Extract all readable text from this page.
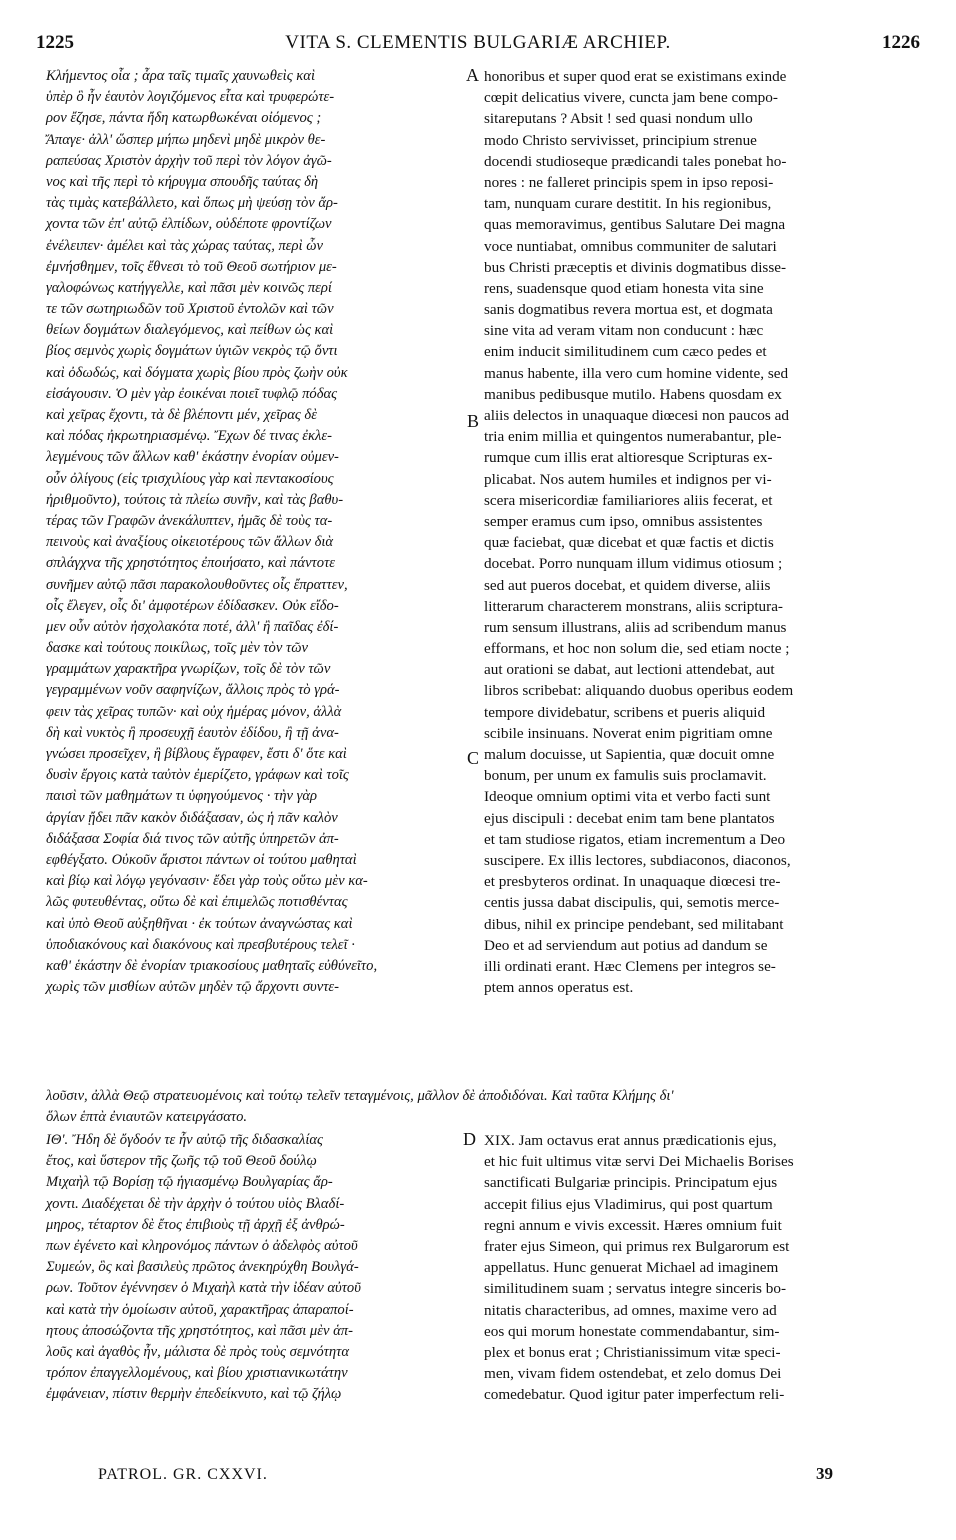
1225	VITA S. CLEMENTIS BULGARIÆ ARCHIEP.	1226
Κλήμεντος οἷα ; ἆρα ταῖς τιμαῖς χαυνωθεὶς καὶ
ὑπὲρ ὃ ἦν ἑαυτὸν λογιζόμενος εἶτα καὶ τρυφερώτε-
ρον ἔζησε, πάντα ἤδη κατωρθωκέναι οἰόμενος ;
Ἄπαγε· ἀλλ' ὥσπερ μήπω μηδενὶ μηδὲ μικρὸν θε-
ραπεύσας Χριστὸν ἀρχὴν τοῦ περὶ τὸν λόγον ἀγῶ-
νος καὶ τῆς περὶ τὸ κήρυγμα σπουδῆς ταύτας δὴ
τὰς τιμὰς κατεβάλλετο, καὶ ὅπως μὴ ψεύσῃ τὸν ἄρ-
χοντα τῶν ἐπ' αὐτῷ ἐλπίδων, οὐδέποτε φροντίζων
ἐνέλειπεν· ἀμέλει καὶ τὰς χώρας ταύτας, περὶ ὧν
ἐμνήσθημεν, τοῖς ἔθνεσι τὸ τοῦ Θεοῦ σωτήριον με-
γαλοφώνως κατήγγελλε, καὶ πᾶσι μὲν κοινῶς περί
τε τῶν σωτηριωδῶν τοῦ Χριστοῦ ἐντολῶν καὶ τῶν
θείων δογμάτων διαλεγόμενος, καὶ πείθων ὡς καὶ
βίος σεμνὸς χωρὶς δογμάτων ὑγιῶν νεκρὸς τῷ ὄντι
καὶ ὀδωδώς, καὶ δόγματα χωρὶς βίου πρὸς ζωὴν οὐκ
εἰσάγουσιν. Ὁ μὲν γὰρ ἐοικέναι ποιεῖ τυφλῷ πόδας
καὶ χεῖρας ἔχοντι, τὰ δὲ βλέποντι μέν, χεῖρας δὲ
καὶ πόδας ἠκρωτηριασμένῳ. Ἔχων δέ τινας ἐκλε-
λεγμένους τῶν ἄλλων καθ' ἑκάστην ἐνορίαν οὐμεν-
οὖν ὀλίγους (εἰς τρισχιλίους γὰρ καὶ πεντακοσίους
ἠριθμοῦντο), τούτοις τὰ πλείω συνῆν, καὶ τὰς βαθυ-
τέρας τῶν Γραφῶν ἀνεκάλυπτεν, ἡμᾶς δὲ τοὺς τα-
πεινοὺς καὶ ἀναξίους οἰκειοτέρους τῶν ἄλλων διὰ
σπλάγχνα τῆς χρηστότητος ἐποιήσατο, καὶ πάντοτε
συνῆμεν αὐτῷ πᾶσι παρακολουθοῦντες οἷς ἔπραττεν,
οἷς ἔλεγεν, οἷς δι' ἀμφοτέρων ἐδίδασκεν. Οὐκ εἴδο-
μεν οὖν αὐτὸν ἠσχολακότα ποτέ, ἀλλ' ἢ παῖδας ἐδί-
δασκε καὶ τούτους ποικίλως, τοῖς μὲν τὸν τῶν
γραμμάτων χαρακτῆρα γνωρίζων, τοῖς δὲ τὸν τῶν
γεγραμμένων νοῦν σαφηνίζων, ἄλλοις πρὸς τὸ γρά-
φειν τὰς χεῖρας τυπῶν· καὶ οὐχ ἡμέρας μόνον, ἀλλὰ
δὴ καὶ νυκτὸς ἢ προσευχῇ ἑαυτὸν ἐδίδου, ἢ τῇ ἀνα-
γνώσει προσεῖχεν, ἢ βίβλους ἔγραφεν, ἔστι δ' ὅτε καὶ
δυσὶν ἔργοις κατὰ ταὐτὸν ἐμερίζετο, γράφων καὶ τοῖς
παισὶ τῶν μαθημάτων τι ὑφηγούμενος · τὴν γὰρ
ἀργίαν ᾔδει πᾶν κακὸν διδάξασαν, ὡς ἡ πᾶν καλὸν
διδάξασα Σοφία διά τινος τῶν αὐτῆς ὑπηρετῶν ἀπ-
εφθέγξατο. Οὐκοῦν ἄριστοι πάντων οἱ τούτου μαθηταὶ
καὶ βίῳ καὶ λόγῳ γεγόνασιν· ἔδει γὰρ τοὺς οὕτω μὲν κα-
λῶς φυτευθέντας, οὕτω δὲ καὶ ἐπιμελῶς ποτισθέντας
καὶ ὑπὸ Θεοῦ αὐξηθῆναι · ἐκ τούτων ἀναγνώστας καὶ
ὑποδιακόνους καὶ διακόνους καὶ πρεσβυτέρους τελεῖ ·
καθ' ἑκάστην δὲ ἐνορίαν τριακοσίους μαθηταῖς εὐθύνεῖτο,
χωρὶς τῶν μισθίων αὐτῶν μηδὲν τῷ ἄρχοντι συντε-
honoribus et super quod erat se existimans exinde
cœpit delicatius vivere, cuncta jam bene compo-
sitareputans ? Absit ! sed quasi nondum ullo
modo Christo servivisset, principium strenue
docendi studioseque prædicandi tales ponebat ho-
nores : ne falleret principis spem in ipso reposi-
tam, nunquam curare destitit. In his regionibus,
quas memoravimus, gentibus Salutare Dei magna
voce nuntiabat, omnibus communiter de salutari
bus Christi præceptis et divinis dogmatibus disse-
rens, suadensque quod etiam honesta vita sine
sanis dogmatibus revera mortua est, et dogmata
sine vita ad veram vitam non conducunt : hæc
enim inducit similitudinem cum cæco pedes et
manus habente, illa vero cum homine vidente, sed
manibus pedibusque mutilo. Habens quosdam ex
aliis delectos in unaquaque diœcesi non paucos ad
tria enim millia et quingentos numerabantur, ple-
rumque cum illis erat altioresque Scripturas ex-
plicabat. Nos autem humiles et indignos per vi-
scera misericordiæ familiariores aliis fecerat, et
semper eramus cum ipso, omnibus assistentes
quæ faciebat, quæ dicebat et quæ factis et dictis
docebat. Porro nunquam illum vidimus otiosum ;
sed aut pueros docebat, et quidem diverse, aliis
litterarum characterem monstrans, aliis scriptura-
rum sensum illustrans, aliis ad scribendum manus
efformans, et hoc non solum die, sed etiam nocte ;
aut orationi se dabat, aut lectioni attendebat, aut
libros scribebat: aliquando duobus operibus eodem
tempore dividebatur, scribens et pueris aliquid
scibile insinuans. Noverat enim pigritiam omne
malum docuisse, ut Sapientia, quæ docuit omne
bonum, per unum ex famulis suis proclamavit.
Ideoque omnium optimi vita et verbo facti sunt
ejus discipuli : decebat enim tam bene plantatos
et tam studiose rigatos, etiam incrementum a Deo
suscipere. Ex illis lectores, subdiaconos, diaconos,
et presbyteros ordinat. In unaquaque diœcesi tre-
centis jussa dabat discipulis, qui, semotis merce-
dibus, nihil ex principe pendebant, sed militabant
Deo et ad serviendum aut potius ad dandum se
illi ordinati erant. Hæc Clemens per integros se-
ptem annos operatus est.
A
B
C
D
λοῦσιν, ἀλλὰ Θεῷ στρατευομένοις καὶ τούτῳ τελεῖν τεταγμένοις, μᾶλλον δὲ ἀποδιδόναι. Καὶ ταῦτα Κλήμης δι'
ὅλων ἑπτὰ ἐνιαυτῶν κατειργάσατο.
ΙΘ'. Ἤδη δὲ ὄγδοόν τε ἦν αὐτῷ τῆς διδασκαλίας
ἔτος, καὶ ὕστερον τῆς ζωῆς τῷ τοῦ Θεοῦ δούλῳ
Μιχαὴλ τῷ Βορίσῃ τῷ ἡγιασμένῳ Βουλγαρίας ἄρ-
χοντι. Διαδέχεται δὲ τὴν ἀρχὴν ὁ τούτου υἱὸς Βλαδί-
μηρος, τέταρτον δὲ ἔτος ἐπιβιοὺς τῇ ἀρχῇ ἐξ ἀνθρώ-
πων ἐγένετο καὶ κληρονόμος πάντων ὁ ἀδελφὸς αὐτοῦ
Συμεών, ὃς καὶ βασιλεὺς πρῶτος ἀνεκηρύχθη Βουλγά-
ρων. Τοῦτον ἐγέννησεν ὁ Μιχαὴλ κατὰ τὴν ἰδέαν αὐτοῦ
καὶ κατὰ τὴν ὁμοίωσιν αὐτοῦ, χαρακτῆρας ἀπαραποί-
ητους ἀποσώζοντα τῆς χρηστότητος, καὶ πᾶσι μὲν ἁπ-
λοῦς καὶ ἀγαθὸς ἦν, μάλιστα δὲ πρὸς τοὺς σεμνότητα
τρόπον ἐπαγγελλομένους, καὶ βίου χριστιανικωτάτην
ἐμφάνειαν, πίστιν θερμὴν ἐπεδείκνυτο, καὶ τῷ ζήλῳ
XIX. Jam octavus erat annus prædicationis ejus,
et hic fuit ultimus vitæ servi Dei Michaelis Borises
sanctificati Bulgariæ principis. Principatum ejus
accepit filius ejus Vladimirus, qui post quartum
regni annum e vivis excessit. Hæres omnium fuit
frater ejus Simeon, qui primus rex Bulgarorum est
appellatus. Hunc genuerat Michael ad imaginem
similitudinem suam ; servatus integre sinceris bo-
nitatis characteribus, ad omnes, maxime vero ad
eos qui morum honestate commendabantur, sim-
plex et bonus erat ; Christianissimum vitæ speci-
men, vivam fidem ostendebat, et zelo domus Dei
comedebatur. Quod igitur pater imperfectum reli-
PATROL. GR. CXXVI.	39
